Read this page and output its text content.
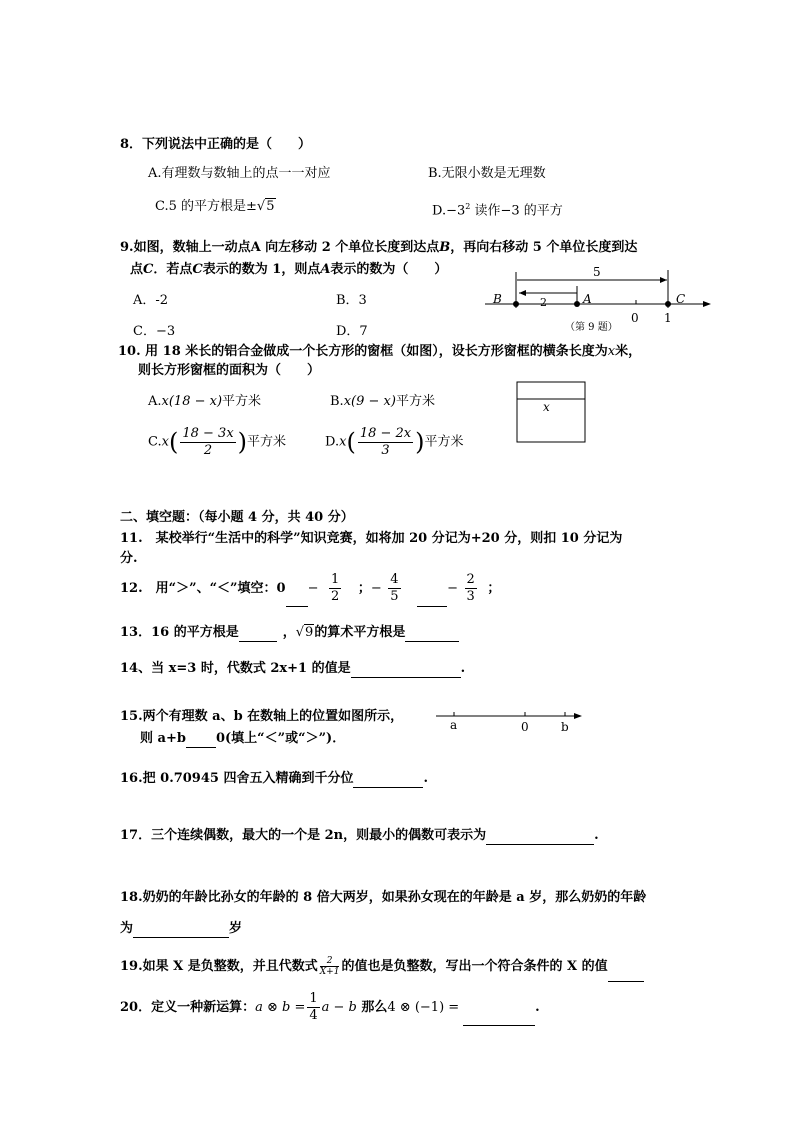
8．下列说法中正确的是（　　）
A.有理数与数轴上的点一一对应	B.无限小数是无理数
C.5 的平方根是±√5	$D.-3^2$ 读作−3 的平方
9.如图，数轴上一动点A 向左移动 2 个单位长度到达点B，再向右移动 5 个单位长度到达
点C．若点C表示的数为 1，则点A表示的数为（　　）
A．-2	B．3
C．−3	D．7
5
B	2	A	C
0 1
（第 9 题）
10. 用 18 米长的铝合金做成一个长方形的窗框（如图），设长方形窗框的横条长度为x米，
则长方形窗框的面积为（　　）
A.x(18 − x)平方米	B.x(9 − x)平方米
$C.x( \frac{18 - 3x}{2}$ )平方米	$D.x( \frac{18 - 2x}{3}$ )平方米
x
二、填空题：（每小题 4 分，共 40 分）
11.　某校举行“生活中的科学”知识竞赛，如将加 20 分记为+20 分，则扣 10 分记为
分.
12.　用“＞”、“＜”填空：$0 - \frac{1}{2}$ ；− $\frac{4}{5}$	− $\frac{2}{3}$ ；
13．16 的平方根是	，√9的算术平方根是
14、当 x=3 时，代数式 2x+1 的值是	.
15.两个有理数 a、b 在数轴上的位置如图所示，
则 a+b 0(填上“＜”或“＞”)．
a	0	b
16.把 0.70945 四舍五入精确到千分位	.
17．三个连续偶数，最大的一个是 2n，则最小的偶数可表示为	.
18.奶奶的年龄比孙女的年龄的 8 倍大两岁，如果孙女现在的年龄是 a 岁，那么奶奶的年龄
为	岁
19.如果 X 是负整数，并且代数式 $\frac{2}{X+1}$ 的值也是负整数，写出一个符合条件的 X 的值
20．定义一种新运算：a ⊗ $b = \frac{1}{4}$ a − b 那么4 ⊗ (−1) =	.
